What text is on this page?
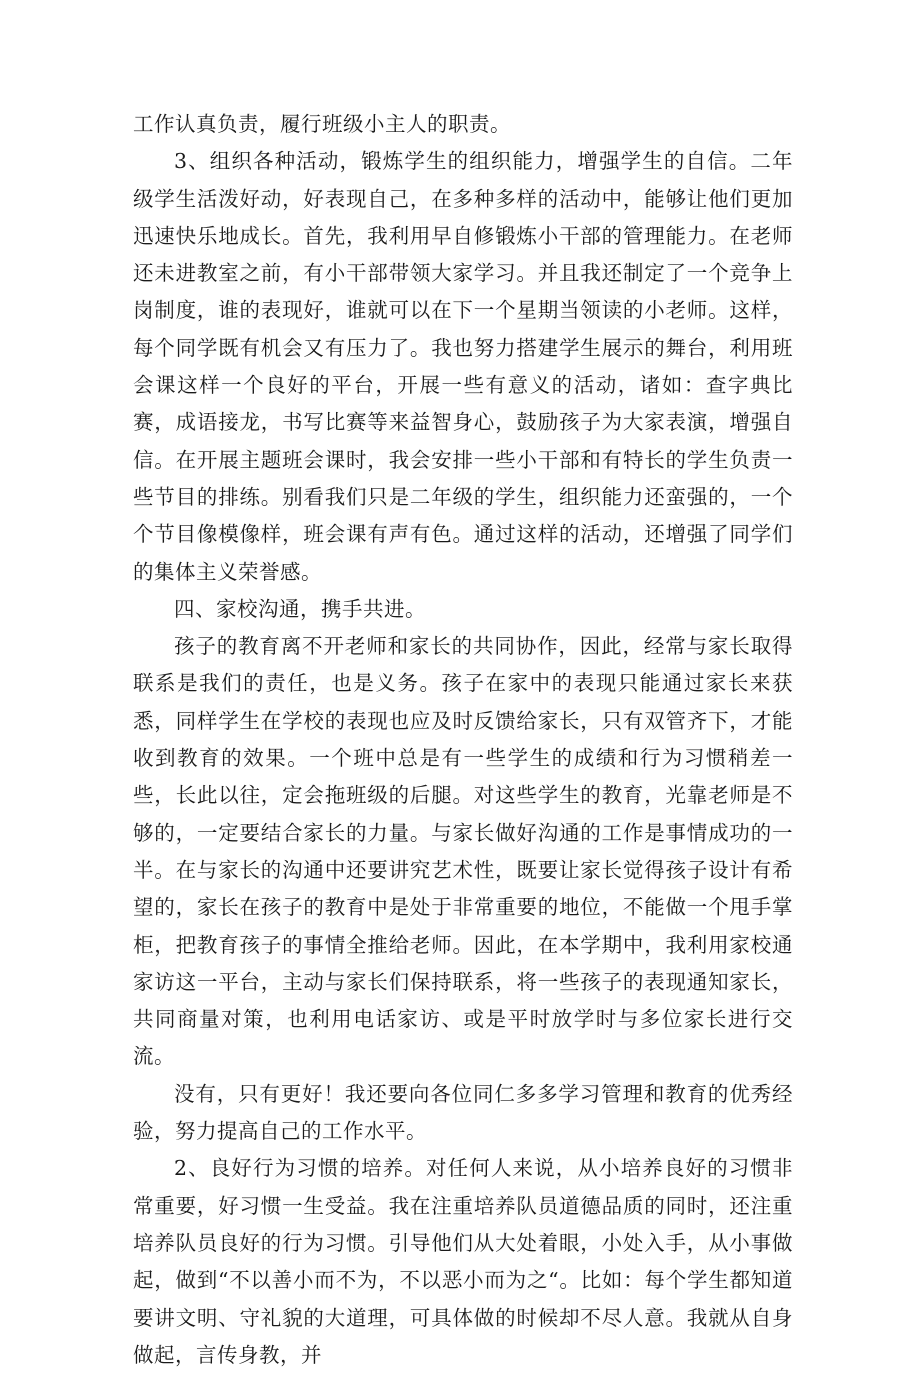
工作认真负责，履行班级小主人的职责。

3、组织各种活动，锻炼学生的组织能力，增强学生的自信。二年级学生活泼好动，好表现自己，在多种多样的活动中，能够让他们更加迅速快乐地成长。首先，我利用早自修锻炼小干部的管理能力。在老师还未进教室之前，有小干部带领大家学习。并且我还制定了一个竞争上岗制度，谁的表现好，谁就可以在下一个星期当领读的小老师。这样，每个同学既有机会又有压力了。我也努力搭建学生展示的舞台，利用班会课这样一个良好的平台，开展一些有意义的活动，诸如：查字典比赛，成语接龙，书写比赛等来益智身心，鼓励孩子为大家表演，增强自信。在开展主题班会课时，我会安排一些小干部和有特长的学生负责一些节目的排练。别看我们只是二年级的学生，组织能力还蛮强的，一个个节目像模像样，班会课有声有色。通过这样的活动，还增强了同学们的集体主义荣誉感。

四、家校沟通，携手共进。

孩子的教育离不开老师和家长的共同协作，因此，经常与家长取得联系是我们的责任，也是义务。孩子在家中的表现只能通过家长来获悉，同样学生在学校的表现也应及时反馈给家长，只有双管齐下，才能收到教育的效果。一个班中总是有一些学生的成绩和行为习惯稍差一些，长此以往，定会拖班级的后腿。对这些学生的教育，光靠老师是不够的，一定要结合家长的力量。与家长做好沟通的工作是事情成功的一半。在与家长的沟通中还要讲究艺术性，既要让家长觉得孩子设计有希望的，家长在孩子的教育中是处于非常重要的地位，不能做一个甩手掌柜，把教育孩子的事情全推给老师。因此，在本学期中，我利用家校通家访这一平台，主动与家长们保持联系，将一些孩子的表现通知家长，共同商量对策，也利用电话家访、或是平时放学时与多位家长进行交流。

没有，只有更好！我还要向各位同仁多多学习管理和教育的优秀经验，努力提高自己的工作水平。

2、良好行为习惯的培养。对任何人来说，从小培养良好的习惯非常重要，好习惯一生受益。我在注重培养队员道德品质的同时，还注重培养队员良好的行为习惯。引导他们从大处着眼，小处入手，从小事做起，做到“不以善小而不为，不以恶小而为之“。比如：每个学生都知道要讲文明、守礼貌的大道理，可具体做的时候却不尽人意。我就从自身做起，言传身教，并
